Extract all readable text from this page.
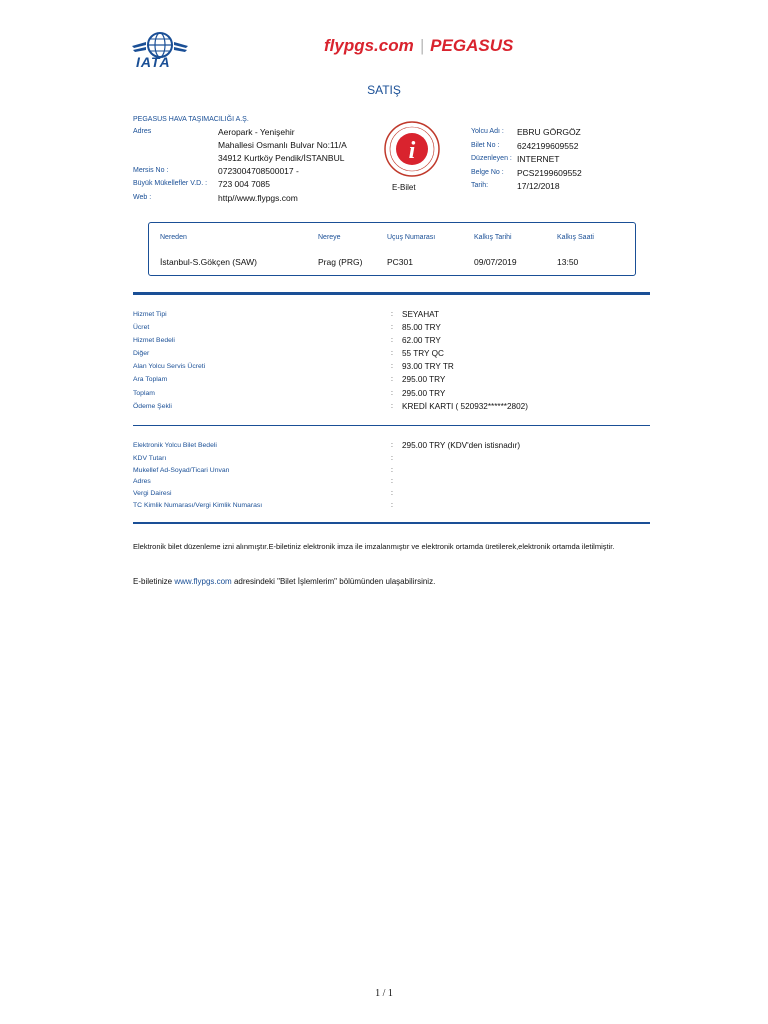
IATA
flypgs.com | PEGASUS
SATIŞ
PEGASUS HAVA TAŞIMACILIĞI A.Ş.
Adres	Aeropark - Yenişehir
Mahallesi Osmanlı Bulvar No:11/A
34912 Kurtköy Pendik/İSTANBUL
Mersis No :	0723004708500017 -
Büyük Mükellefler V.D. : 723 004 7085
Web :	http//www.flypgs.com
i
E-Bilet
Yolcu Adı : EBRU GÖRGÖZ
Bilet No : 6242199609552
Düzenleyen : INTERNET
Belge No : PCS2199609552
Tarih:	17/12/2018
Nereden	Nereye	Uçuş Numarası	Kalkış Tarihi	Kalkış Saati
İstanbul-S.Gökçen (SAW)	Prag (PRG)	PC301	09/07/2019	13:50
Hizmet Tipi	: SEYAHAT
Ücret	: 85.00 TRY
Hizmet Bedeli	: 62.00 TRY
Diğer	: 55 TRY QC
Alan Yolcu Servis Ücreti	: 93.00 TRY TR
Ara Toplam	: 295.00 TRY
Toplam	: 295.00 TRY
Ödeme Şekli	: KREDİ KARTI ( 520932******2802)
Elektronik Yolcu Bilet Bedeli	: 295.00 TRY (KDV'den istisnadır)
KDV Tutarı	:
Mukellef Ad-Soyad/Ticari Unvan	:
Adres	:
Vergi Dairesi	:
TC Kimlik Numarası/Vergi Kimlik Numarası	:
Elektronik bilet düzenleme izni alınmıştır.E-biletiniz elektronik imza ile imzalanmıştır ve elektronik ortamda üretilerek,elektronik ortamda iletilmiştir.
E-biletinize www.flypgs.com adresindeki "Bilet İşlemlerim" bölümünden ulaşabilirsiniz.
1 / 1
